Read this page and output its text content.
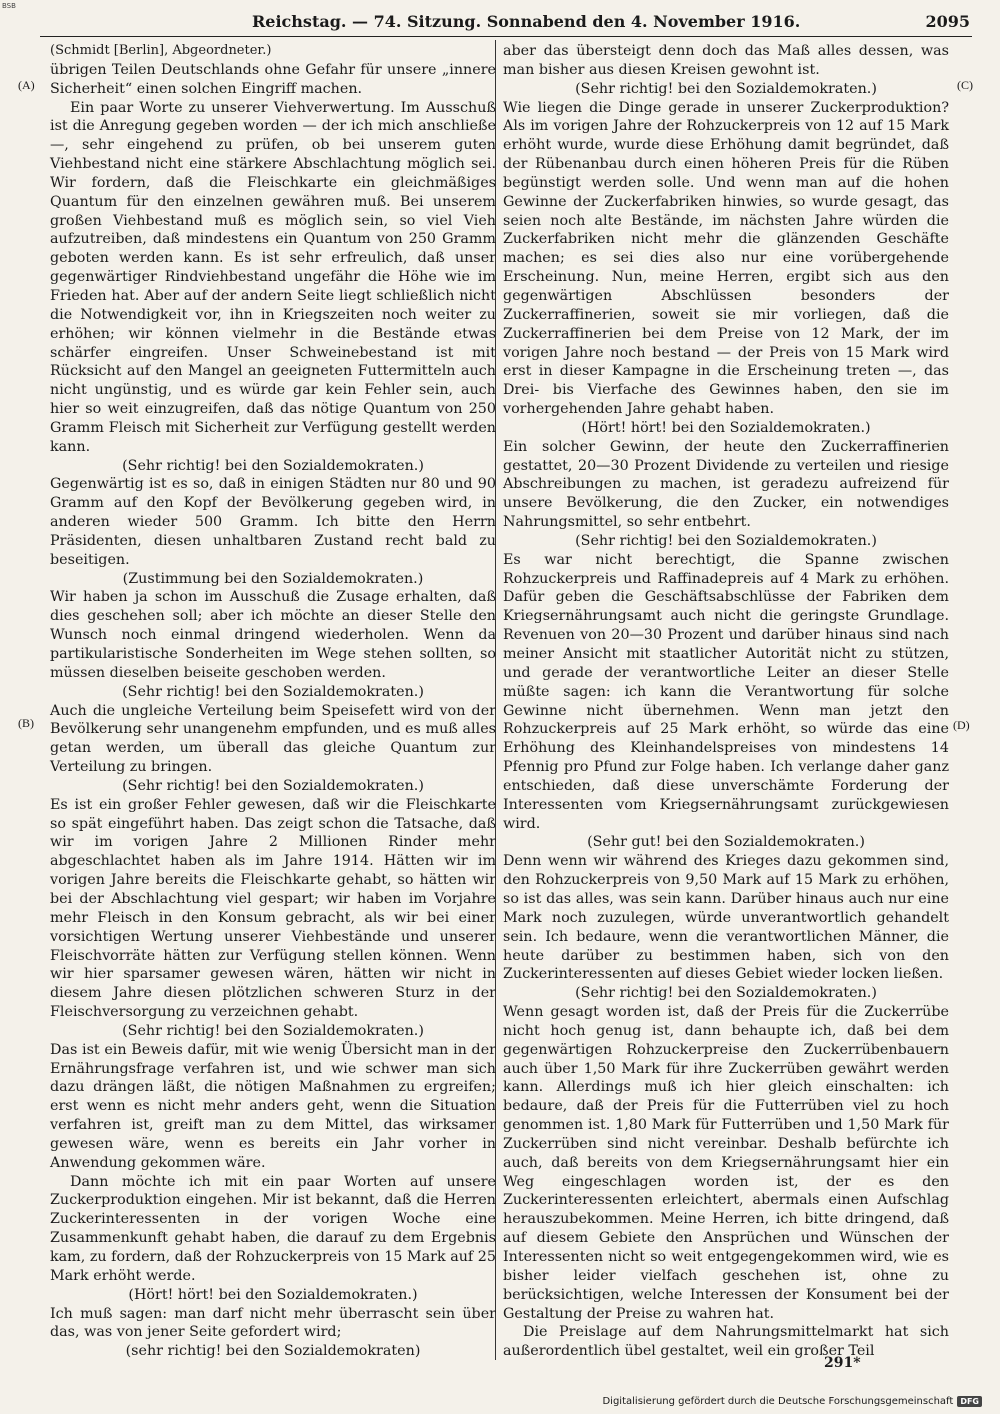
BSB
Reichstag. — 74. Sitzung. Sonnabend den 4. November 1916.	2095
(A)
(B)
(C)
(D)

(Schmidt [Berlin], Abgeordneter.)

übrigen Teilen Deutschlands ohne Gefahr für unsere „innere Sicherheit“ einen solchen Eingriff machen.

Ein paar Worte zu unserer Viehverwertung. Im Ausschuß ist die Anregung gegeben worden — der ich mich anschließe —, sehr eingehend zu prüfen, ob bei unserem guten Viehbestand nicht eine stärkere Abschlachtung möglich sei. Wir fordern, daß die Fleischkarte ein gleichmäßiges Quantum für den einzelnen gewähren muß. Bei unserem großen Viehbestand muß es möglich sein, so viel Vieh aufzutreiben, daß mindestens ein Quantum von 250 Gramm geboten werden kann. Es ist sehr erfreulich, daß unser gegenwärtiger Rindviehbestand ungefähr die Höhe wie im Frieden hat. Aber auf der andern Seite liegt schließlich nicht die Notwendigkeit vor, ihn in Kriegszeiten noch weiter zu erhöhen; wir können vielmehr in die Bestände etwas schärfer eingreifen. Unser Schweinebestand ist mit Rücksicht auf den Mangel an geeigneten Futtermitteln auch nicht ungünstig, und es würde gar kein Fehler sein, auch hier so weit einzugreifen, daß das nötige Quantum von 250 Gramm Fleisch mit Sicherheit zur Verfügung gestellt werden kann.

(Sehr richtig! bei den Sozialdemokraten.)

Gegenwärtig ist es so, daß in einigen Städten nur 80 und 90 Gramm auf den Kopf der Bevölkerung gegeben wird, in anderen wieder 500 Gramm. Ich bitte den Herrn Präsidenten, diesen unhaltbaren Zustand recht bald zu beseitigen.

(Zustimmung bei den Sozialdemokraten.)

Wir haben ja schon im Ausschuß die Zusage erhalten, daß dies geschehen soll; aber ich möchte an dieser Stelle den Wunsch noch einmal dringend wiederholen. Wenn da partikularistische Sonderheiten im Wege stehen sollten, so müssen dieselben beiseite geschoben werden.

(Sehr richtig! bei den Sozialdemokraten.)

Auch die ungleiche Verteilung beim Speisefett wird von der Bevölkerung sehr unangenehm empfunden, und es muß alles getan werden, um überall das gleiche Quantum zur Verteilung zu bringen.

(Sehr richtig! bei den Sozialdemokraten.)

Es ist ein großer Fehler gewesen, daß wir die Fleischkarte so spät eingeführt haben. Das zeigt schon die Tatsache, daß wir im vorigen Jahre 2 Millionen Rinder mehr abgeschlachtet haben als im Jahre 1914. Hätten wir im vorigen Jahre bereits die Fleischkarte gehabt, so hätten wir bei der Abschlachtung viel gespart; wir haben im Vorjahre mehr Fleisch in den Konsum gebracht, als wir bei einer vorsichtigen Wertung unserer Viehbestände und unserer Fleischvorräte hätten zur Verfügung stellen können. Wenn wir hier sparsamer gewesen wären, hätten wir nicht in diesem Jahre diesen plötzlichen schweren Sturz in der Fleischversorgung zu verzeichnen gehabt.

(Sehr richtig! bei den Sozialdemokraten.)

Das ist ein Beweis dafür, mit wie wenig Übersicht man in der Ernährungsfrage verfahren ist, und wie schwer man sich dazu drängen läßt, die nötigen Maßnahmen zu ergreifen; erst wenn es nicht mehr anders geht, wenn die Situation verfahren ist, greift man zu dem Mittel, das wirksamer gewesen wäre, wenn es bereits ein Jahr vorher in Anwendung gekommen wäre.

Dann möchte ich mit ein paar Worten auf unsere Zuckerproduktion eingehen. Mir ist bekannt, daß die Herren Zuckerinteressenten in der vorigen Woche eine Zusammenkunft gehabt haben, die darauf zu dem Ergebnis kam, zu fordern, daß der Rohzuckerpreis von 15 Mark auf 25 Mark erhöht werde.

(Hört! hört! bei den Sozialdemokraten.)

Ich muß sagen: man darf nicht mehr überrascht sein über das, was von jener Seite gefordert wird;

(sehr richtig! bei den Sozialdemokraten)

aber das übersteigt denn doch das Maß alles dessen, was man bisher aus diesen Kreisen gewohnt ist.

(Sehr richtig! bei den Sozialdemokraten.)

Wie liegen die Dinge gerade in unserer Zuckerproduktion? Als im vorigen Jahre der Rohzuckerpreis von 12 auf 15 Mark erhöht wurde, wurde diese Erhöhung damit begründet, daß der Rübenanbau durch einen höheren Preis für die Rüben begünstigt werden solle. Und wenn man auf die hohen Gewinne der Zuckerfabriken hinwies, so wurde gesagt, das seien noch alte Bestände, im nächsten Jahre würden die Zuckerfabriken nicht mehr die glänzenden Geschäfte machen; es sei dies also nur eine vorübergehende Erscheinung. Nun, meine Herren, ergibt sich aus den gegenwärtigen Abschlüssen besonders der Zuckerraffinerien, soweit sie mir vorliegen, daß die Zuckerraffinerien bei dem Preise von 12 Mark, der im vorigen Jahre noch bestand — der Preis von 15 Mark wird erst in dieser Kampagne in die Erscheinung treten —, das Drei- bis Vierfache des Gewinnes haben, den sie im vorhergehenden Jahre gehabt haben.

(Hört! hört! bei den Sozialdemokraten.)

Ein solcher Gewinn, der heute den Zuckerraffinerien gestattet, 20—30 Prozent Dividende zu verteilen und riesige Abschreibungen zu machen, ist geradezu aufreizend für unsere Bevölkerung, die den Zucker, ein notwendiges Nahrungsmittel, so sehr entbehrt.

(Sehr richtig! bei den Sozialdemokraten.)

Es war nicht berechtigt, die Spanne zwischen Rohzuckerpreis und Raffinadepreis auf 4 Mark zu erhöhen. Dafür geben die Geschäftsabschlüsse der Fabriken dem Kriegsernährungsamt auch nicht die geringste Grundlage. Revenuen von 20—30 Prozent und darüber hinaus sind nach meiner Ansicht mit staatlicher Autorität nicht zu stützen, und gerade der verantwortliche Leiter an dieser Stelle müßte sagen: ich kann die Verantwortung für solche Gewinne nicht übernehmen. Wenn man jetzt den Rohzuckerpreis auf 25 Mark erhöht, so würde das eine Erhöhung des Kleinhandelspreises von mindestens 14 Pfennig pro Pfund zur Folge haben. Ich verlange daher ganz entschieden, daß diese unverschämte Forderung der Interessenten vom Kriegsernährungsamt zurückgewiesen wird.

(Sehr gut! bei den Sozialdemokraten.)

Denn wenn wir während des Krieges dazu gekommen sind, den Rohzuckerpreis von 9,50 Mark auf 15 Mark zu erhöhen, so ist das alles, was sein kann. Darüber hinaus auch nur eine Mark noch zuzulegen, würde unverantwortlich gehandelt sein. Ich bedaure, wenn die verantwortlichen Männer, die heute darüber zu bestimmen haben, sich von den Zuckerinteressenten auf dieses Gebiet wieder locken ließen.

(Sehr richtig! bei den Sozialdemokraten.)

Wenn gesagt worden ist, daß der Preis für die Zuckerrübe nicht hoch genug ist, dann behaupte ich, daß bei dem gegenwärtigen Rohzuckerpreise den Zuckerrübenbauern auch über 1,50 Mark für ihre Zuckerrüben gewährt werden kann. Allerdings muß ich hier gleich einschalten: ich bedaure, daß der Preis für die Futterrüben viel zu hoch genommen ist. 1,80 Mark für Futterrüben und 1,50 Mark für Zuckerrüben sind nicht vereinbar. Deshalb befürchte ich auch, daß bereits von dem Kriegsernährungsamt hier ein Weg eingeschlagen worden ist, der es den Zuckerinteressenten erleichtert, abermals einen Aufschlag herauszubekommen. Meine Herren, ich bitte dringend, daß auf diesem Gebiete den Ansprüchen und Wünschen der Interessenten nicht so weit entgegengekommen wird, wie es bisher leider vielfach geschehen ist, ohne zu berücksichtigen, welche Interessen der Konsument bei der Gestaltung der Preise zu wahren hat.

Die Preislage auf dem Nahrungsmittelmarkt hat sich außerordentlich übel gestaltet, weil ein großer Teil

291*
Digitalisierung gefördert durch die Deutsche Forschungsgemeinschaft DFG
